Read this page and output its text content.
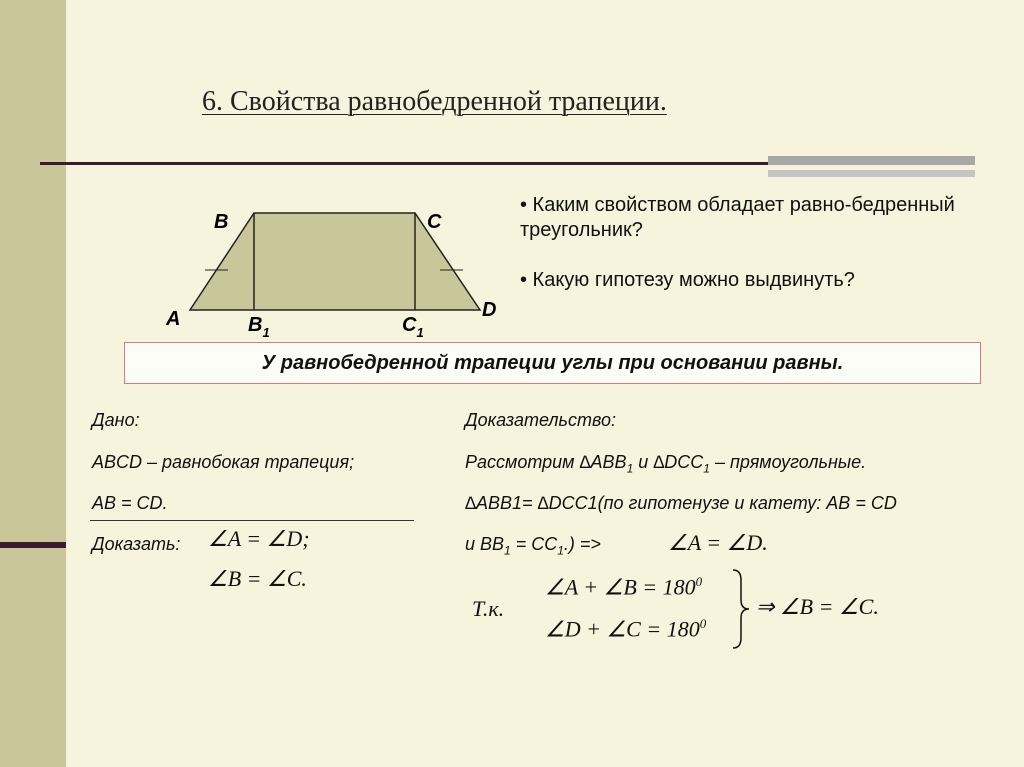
6. Свойства равнобедренной трапеции.
B	C
A	D
$B_1$	$C_1$
• Каким свойством обладает равно-бедренный треугольник?
• Какую гипотезу можно выдвинуть?
У равнобедренной трапеции углы при основании равны.
Дано:
ABCD – равнобокая трапеция;
AB = CD.
Доказать: ∠A = ∠D;
∠B = ∠C.
Доказательство:
Рассмотрим $\Delta ABB_1$ и $\Delta DCC_1$ – прямоугольные.
∆ABB1= ∆DCC1(по гипотенузе и катету: AB = CD
и $BB_1 = CC_1$.) =>	∠A = ∠D.
Т.к.
∠A + ∠B = $180^0$
∠D + ∠C = $180^0$
⇒ ∠B = ∠C.
